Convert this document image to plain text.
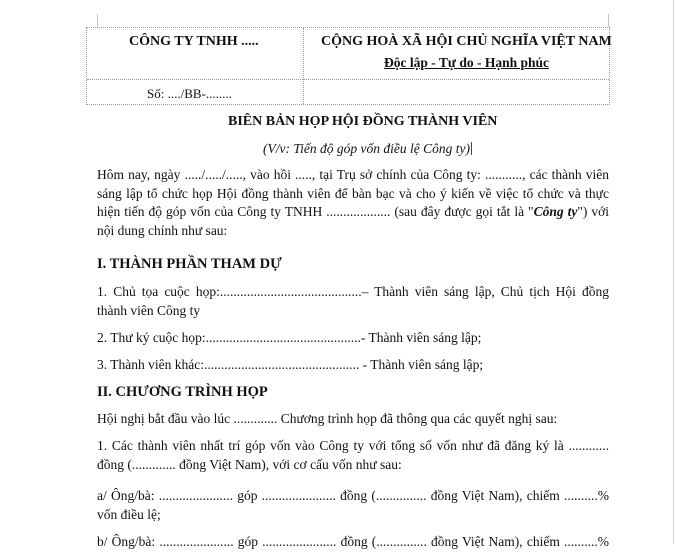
CÔNG TY TNHH .....
Số: ..../BB-........
CỘNG HOÀ XÃ HỘI CHỦ NGHĨA VIỆT NAM
Độc lập - Tự do - Hạnh phúc
BIÊN BẢN HỌP HỘI ĐỒNG THÀNH VIÊN
(V/v: Tiến độ góp vốn điều lệ Công ty)
Hôm nay, ngày ...../...../....., vào hồi ....., tại Trụ sở chính của Công ty: ..........., các thành viên
sáng lập tổ chức họp Hội đồng thành viên để bàn bạc và cho ý kiến về việc tổ chức và thực
hiện tiến độ góp vốn của Công ty TNHH ................... (sau đây được gọi tắt là "Công ty") với
nội dung chính như sau:
I. THÀNH PHẦN THAM DỰ
1. Chủ tọa cuộc họp:..........................................– Thành viên sáng lập, Chủ tịch Hội đồng
thành viên Công ty
2. Thư ký cuộc họp:..............................................- Thành viên sáng lập;
3. Thành viên khác:.............................................. - Thành viên sáng lập;
II. CHƯƠNG TRÌNH HỌP
Hội nghị bắt đầu vào lúc ............. Chương trình họp đã thông qua các quyết nghị sau:
1. Các thành viên nhất trí góp vốn vào Công ty với tổng số vốn như đã đăng ký là ............
đồng (............. đồng Việt Nam), với cơ cấu vốn như sau:
a/ Ông/bà: ...................... góp ...................... đồng (............... đồng Việt Nam), chiếm ..........%
vốn điều lệ;
b/ Ông/bà: ...................... góp ...................... đồng (............... đồng Việt Nam), chiếm ..........%
